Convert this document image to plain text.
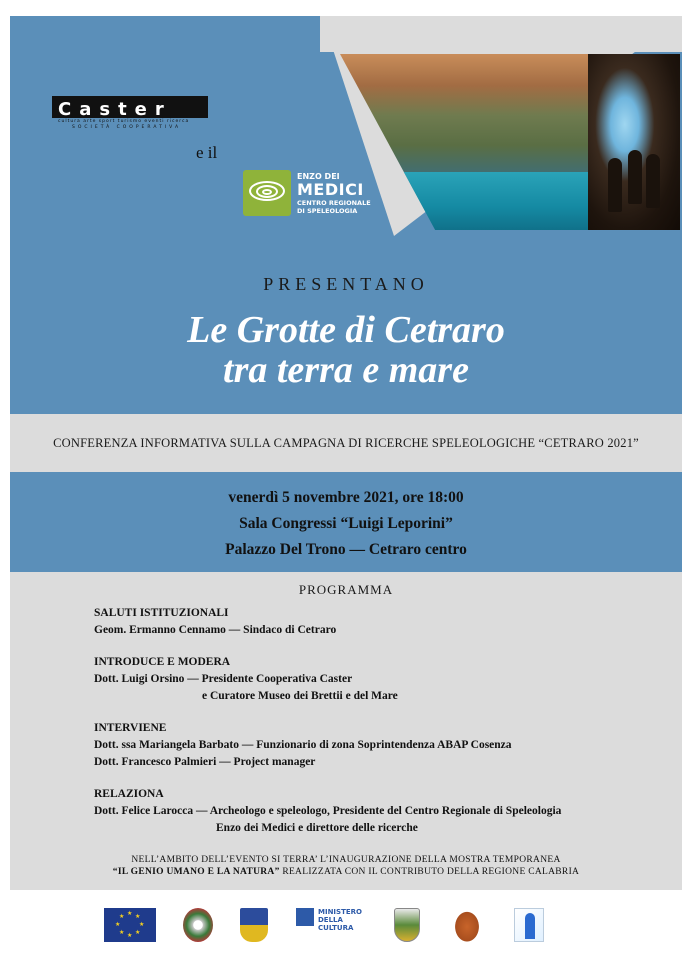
Caster
cultura arte sport turismo eventi ricerca
SOCIETÀ COOPERATIVA
e il
ENZO DEI
MEDICI
CENTRO REGIONALE
DI SPELEOLOGIA
PRESENTANO
Le Grotte di Cetraro
tra terra e mare
CONFERENZA INFORMATIVA SULLA CAMPAGNA DI RICERCHE SPELEOLOGICHE “CETRARO 2021”
venerdì 5 novembre 2021, ore 18:00
Sala Congressi “Luigi Leporini”
Palazzo Del Trono — Cetraro centro
PROGRAMMA
SALUTI ISTITUZIONALI
Geom. Ermanno Cennamo — Sindaco di Cetraro
INTRODUCE E MODERA
Dott. Luigi Orsino — Presidente Cooperativa Caster
e Curatore Museo dei Brettii e del Mare
INTERVIENE
Dott. ssa Mariangela Barbato — Funzionario di zona Soprintendenza ABAP Cosenza
Dott. Francesco Palmieri — Project manager
RELAZIONA
Dott. Felice Larocca — Archeologo e speleologo, Presidente del Centro Regionale di Speleologia
Enzo dei Medici e direttore delle ricerche
NELL’AMBITO DELL’EVENTO SI TERRA’ L’INAUGURAZIONE DELLA MOSTRA TEMPORANEA
“IL GENIO UMANO E LA NATURA” REALIZZATA CON IL CONTRIBUTO DELLA REGIONE CALABRIA
★ ★
★
★
★
★
★
★
MINISTERO
DELLA
CULTURA
